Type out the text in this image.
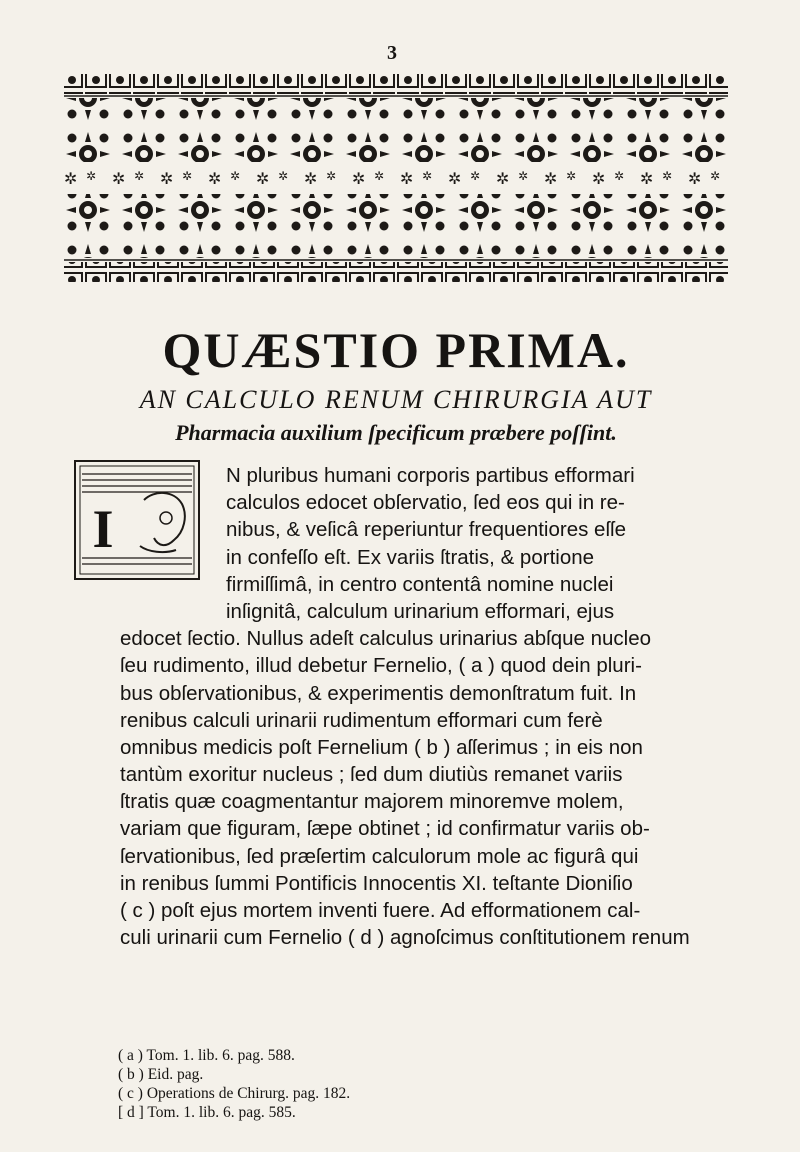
3
QUÆSTIO PRIMA.
AN CALCULO RENUM CHIRURGIA AUT
Pharmacia auxilium ſpecificum præbere poſſint.
I
N pluribus humani corporis partibus efformari
calculos edocet obſervatio, ſed eos qui in re-
nibus, & veſicâ reperiuntur frequentiores eſſe
in confeſſo eſt. Ex variis ſtratis, & portione
firmiſſimâ, in centro contentâ nomine nuclei
inſignitâ, calculum urinarium efformari, ejus
edocet ſectio. Nullus adeſt calculus urinarius abſque nucleo
ſeu rudimento, illud debetur Fernelio, ( a ) quod dein pluri-
bus obſervationibus, & experimentis demonſtratum fuit. In
renibus calculi urinarii rudimentum efformari cum ferè
omnibus medicis poſt Fernelium ( b ) aſſerimus ; in eis non
tantùm exoritur nucleus ; ſed dum diutiùs remanet variis
ſtratis quæ coagmentantur majorem minoremve molem,
variam que figuram, ſæpe obtinet ; id confirmatur variis ob-
ſervationibus, ſed præſertim calculorum mole ac figurâ qui
in renibus ſummi Pontificis Innocentis XI. teſtante Dioniſio
( c ) poſt ejus mortem inventi fuere. Ad efformationem cal-
culi urinarii cum Fernelio ( d ) agnoſcimus conſtitutionem renum
( a ) Tom. 1. lib. 6. pag. 588.
( b ) Eid. pag.
( c ) Operations de Chirurg. pag. 182.
[ d ] Tom. 1. lib. 6. pag. 585.
